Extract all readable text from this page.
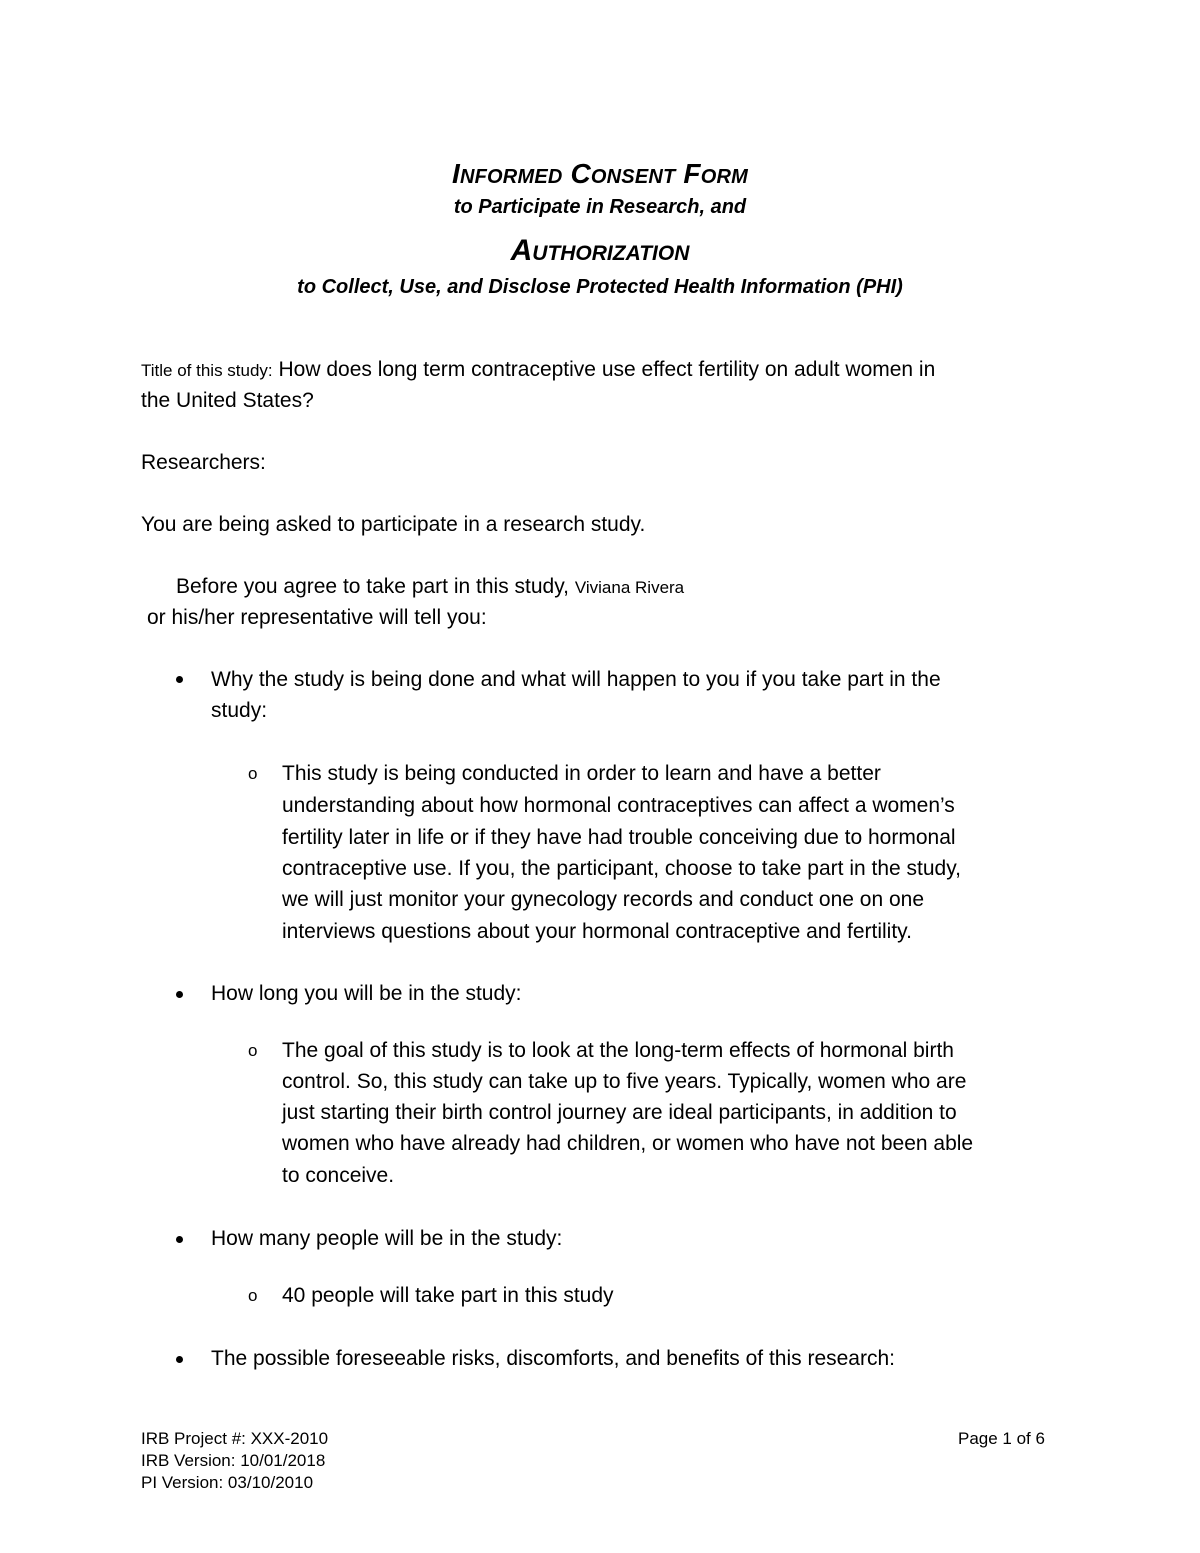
Informed Consent Form
to Participate in Research, and
Authorization
to Collect, Use, and Disclose Protected Health Information (PHI)
Title of this study: How does long term contraceptive use effect fertility on adult women in
the United States?
Researchers:
You are being asked to participate in a research study.
Before you agree to take part in this study, Viviana Rivera
or his/her representative will tell you:
Why the study is being done and what will happen to you if you take part in the
study:
o This study is being conducted in order to learn and have a better
understanding about how hormonal contraceptives can affect a women’s
fertility later in life or if they have had trouble conceiving due to hormonal
contraceptive use. If you, the participant, choose to take part in the study,
we will just monitor your gynecology records and conduct one on one
interviews questions about your hormonal contraceptive and fertility.
How long you will be in the study:
o The goal of this study is to look at the long-term effects of hormonal birth
control. So, this study can take up to five years. Typically, women who are
just starting their birth control journey are ideal participants, in addition to
women who have already had children, or women who have not been able
to conceive.
How many people will be in the study:
o 40 people will take part in this study
The possible foreseeable risks, discomforts, and benefits of this research:
IRB Project #: XXX-2010
IRB Version: 10/01/2018
PI Version: 03/10/2010
Page 1 of 6
